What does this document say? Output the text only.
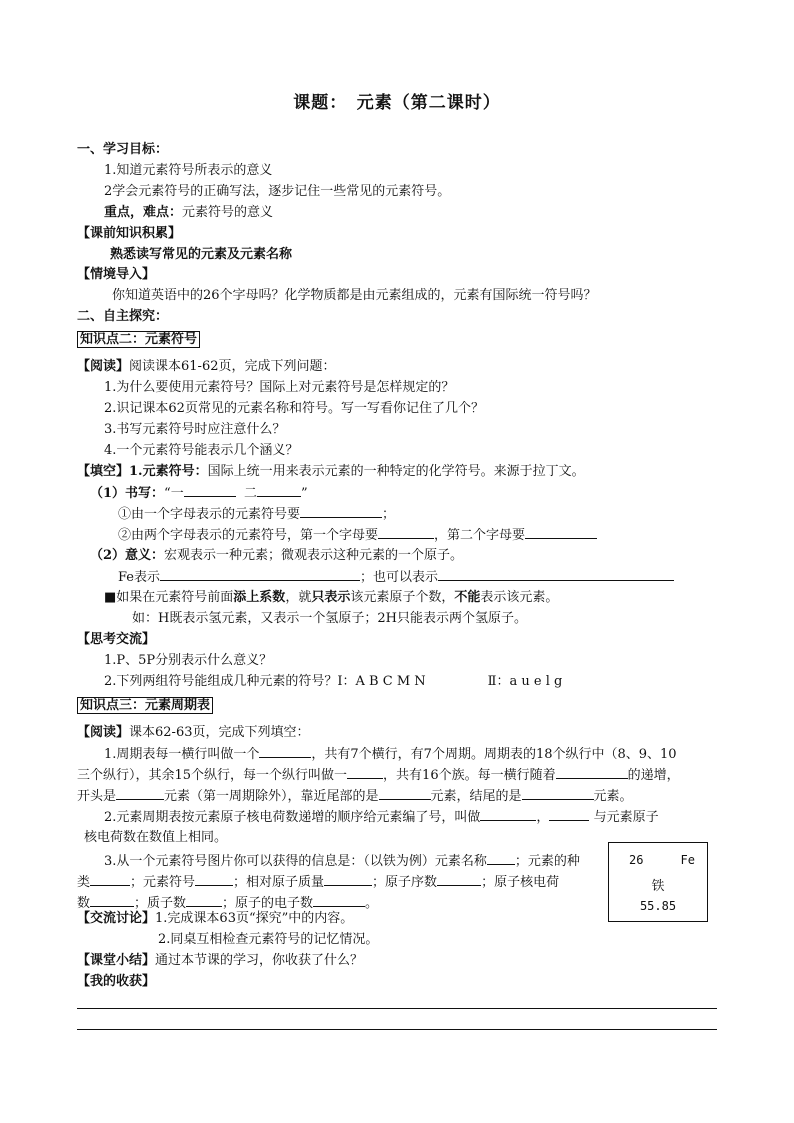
课题：　元素（第二课时）
一、学习目标：
1.知道元素符号所表示的意义
2学会元素符号的正确写法，逐步记住一些常见的元素符号。
重点，难点：元素符号的意义
【课前知识积累】
熟悉读写常见的元素及元素名称
【情境导入】
你知道英语中的26个字母吗？化学物质都是由元素组成的，元素有国际统一符号吗？
二、自主探究：
知识点二：元素符号
【阅读】阅读课本61-62页，完成下列问题：
1.为什么要使用元素符号？国际上对元素符号是怎样规定的？
2.识记课本62页常见的元素名称和符号。写一写看你记住了几个？
3.书写元素符号时应注意什么？
4.一个元素符号能表示几个涵义？
【填空】1.元素符号：国际上统一用来表示元素的一种特定的化学符号。来源于拉丁文。
（1）书写：“一	二	”
①由一个字母表示的元素符号要	；
②由两个字母表示的元素符号，第一个字母要	，第二个字母要
（2）意义：宏观表示一种元素；微观表示这种元素的一个原子。
Fe表示	；也可以表示
■如果在元素符号前面添上系数，就只表示该元素原子个数，不能表示该元素。
如：H既表示氢元素，又表示一个氢原子；2H只能表示两个氢原子。
【思考交流】
1.P、5P分别表示什么意义？
2.下列两组符号能组成几种元素的符号？Ⅰ：A B C M N	Ⅱ：a u e l g
知识点三：元素周期表
【阅读】课本62-63页，完成下列填空：
1.周期表每一横行叫做一个	，共有7个横行，有7个周期。周期表的18个纵行中（8、9、10
三个纵行），其余15个纵行，每一个纵行叫做一	，共有16个族。每一横行随着	的递增，
开头是	元素（第一周期除外），靠近尾部的是	元素，结尾的是	元素。
2.元素周期表按元素原子核电荷数递增的顺序给元素编了号，叫做	，	与元素原子
核电荷数在数值上相同。
3.从一个元素符号图片你可以获得的信息是：（以铁为例）元素名称 ；元素的种
类	；元素符号	；相对原子质量	；原子序数	；原子核电荷
数	；质子数	；原子的电子数	。
26	Fe
铁
55.85
【交流讨论】1.完成课本63页“探究”中的内容。
2.同桌互相检查元素符号的记忆情况。
【课堂小结】通过本节课的学习，你收获了什么？
【我的收获】
